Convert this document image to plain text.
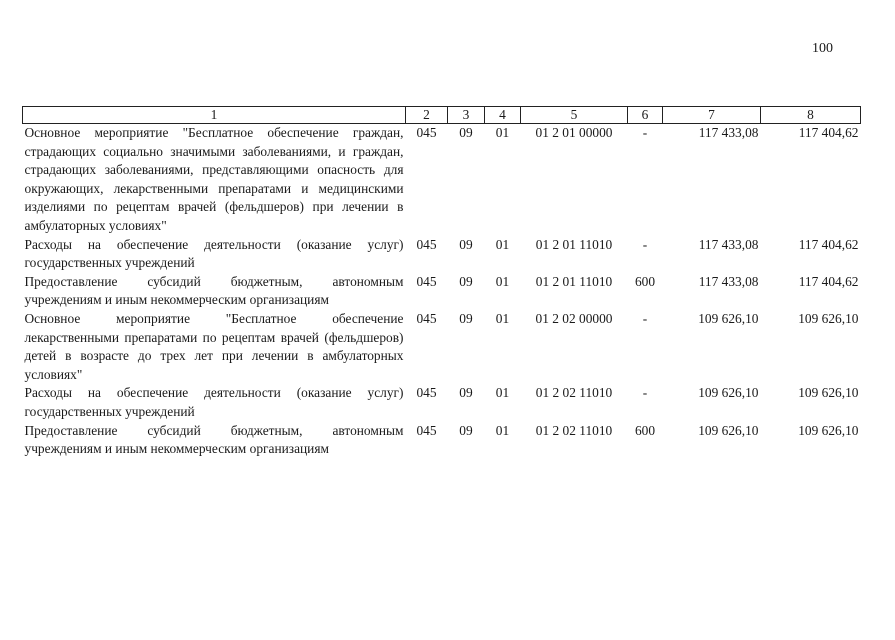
100
1	2	3	4	5	6	7	8
Основное мероприятие "Бесплатное обеспечение граждан, страдающих социально значимыми заболеваниями, и граждан, страдающих заболеваниями, представляющими опасность для окружающих, лекарственными препаратами и медицинскими изделиями по рецептам врачей (фельдшеров) при лечении в амбулаторных условиях"	045	09	01	01 2 01 00000	-	117 433,08	117 404,62
Расходы на обеспечение деятельности (оказание услуг) государственных учреждений	045	09	01	01 2 01 11010	-	117 433,08	117 404,62
Предоставление субсидий бюджетным, автономным учреждениям и иным некоммерческим организациям	045	09	01	01 2 01 11010	600	117 433,08	117 404,62
Основное мероприятие "Бесплатное обеспечение лекарственными препаратами по рецептам врачей (фельдшеров) детей в возрасте до трех лет при лечении в амбулаторных условиях"	045	09	01	01 2 02 00000	-	109 626,10	109 626,10
Расходы на обеспечение деятельности (оказание услуг) государственных учреждений	045	09	01	01 2 02 11010	-	109 626,10	109 626,10
Предоставление субсидий бюджетным, автономным учреждениям и иным некоммерческим организациям	045	09	01	01 2 02 11010	600	109 626,10	109 626,10
